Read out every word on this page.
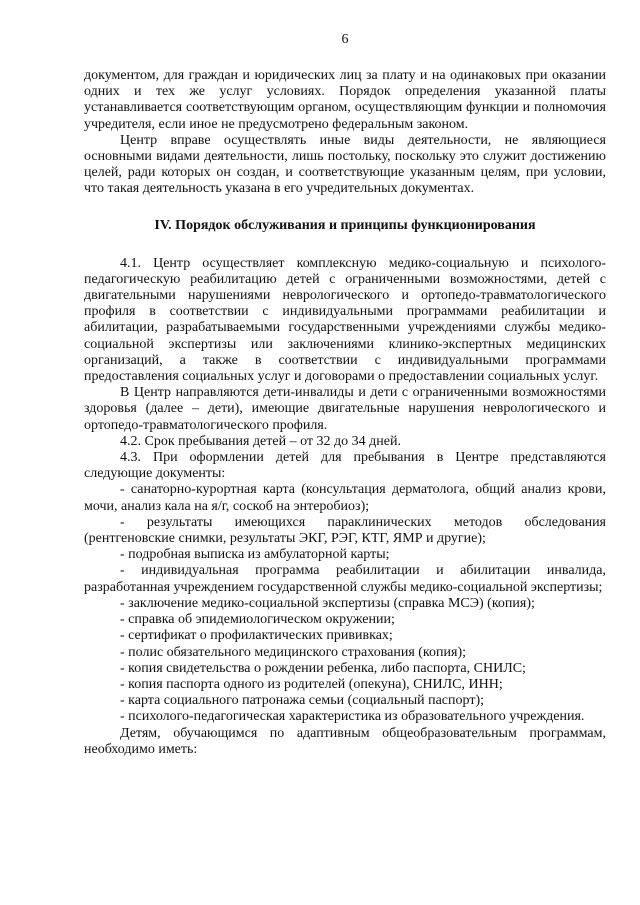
6

документом, для граждан и юридических лиц за плату и на одинаковых при оказании одних и тех же услуг условиях. Порядок определения указанной платы устанавливается соответствующим органом, осуществляющим функции и полномочия учредителя, если иное не предусмотрено федеральным законом.

Центр вправе осуществлять иные виды деятельности, не являющиеся основными видами деятельности, лишь постольку, поскольку это служит достижению целей, ради которых он создан, и соответствующие указанным целям, при условии, что такая деятельность указана в его учредительных документах.

IV. Порядок обслуживания и принципы функционирования

4.1. Центр осуществляет комплексную медико-социальную и психолого-педагогическую реабилитацию детей с ограниченными возможностями, детей с двигательными нарушениями неврологического и ортопедо-травматологического профиля в соответствии с индивидуальными программами реабилитации и абилитации, разрабатываемыми государственными учреждениями службы медико-социальной экспертизы или заключениями клинико-экспертных медицинских организаций, а также в соответствии с индивидуальными программами предоставления социальных услуг и договорами о предоставлении социальных услуг.

В Центр направляются дети-инвалиды и дети с ограниченными возможностями здоровья (далее – дети), имеющие двигательные нарушения неврологического и ортопедо-травматологического профиля.

4.2. Срок пребывания детей – от 32 до 34 дней.

4.3. При оформлении детей для пребывания в Центре представляются следующие документы:

- санаторно-курортная карта (консультация дерматолога, общий анализ крови, мочи, анализ кала на я/г, соскоб на энтеробиоз);

- результаты имеющихся параклинических методов обследования (рентгеновские снимки, результаты ЭКГ, РЭГ, КТГ, ЯМР и другие);

- подробная выписка из амбулаторной карты;

- индивидуальная программа реабилитации и абилитации инвалида, разработанная учреждением государственной службы медико-социальной экспертизы;

- заключение медико-социальной экспертизы (справка МСЭ) (копия);

- справка об эпидемиологическом окружении;

- сертификат о профилактических прививках;

- полис обязательного медицинского страхования (копия);

- копия свидетельства о рождении ребенка, либо паспорта, СНИЛС;

- копия паспорта одного из родителей (опекуна), СНИЛС, ИНН;

- карта социального патронажа семьи (социальный паспорт);

- психолого-педагогическая характеристика из образовательного учреждения.

Детям, обучающимся по адаптивным общеобразовательным программам, необходимо иметь:
